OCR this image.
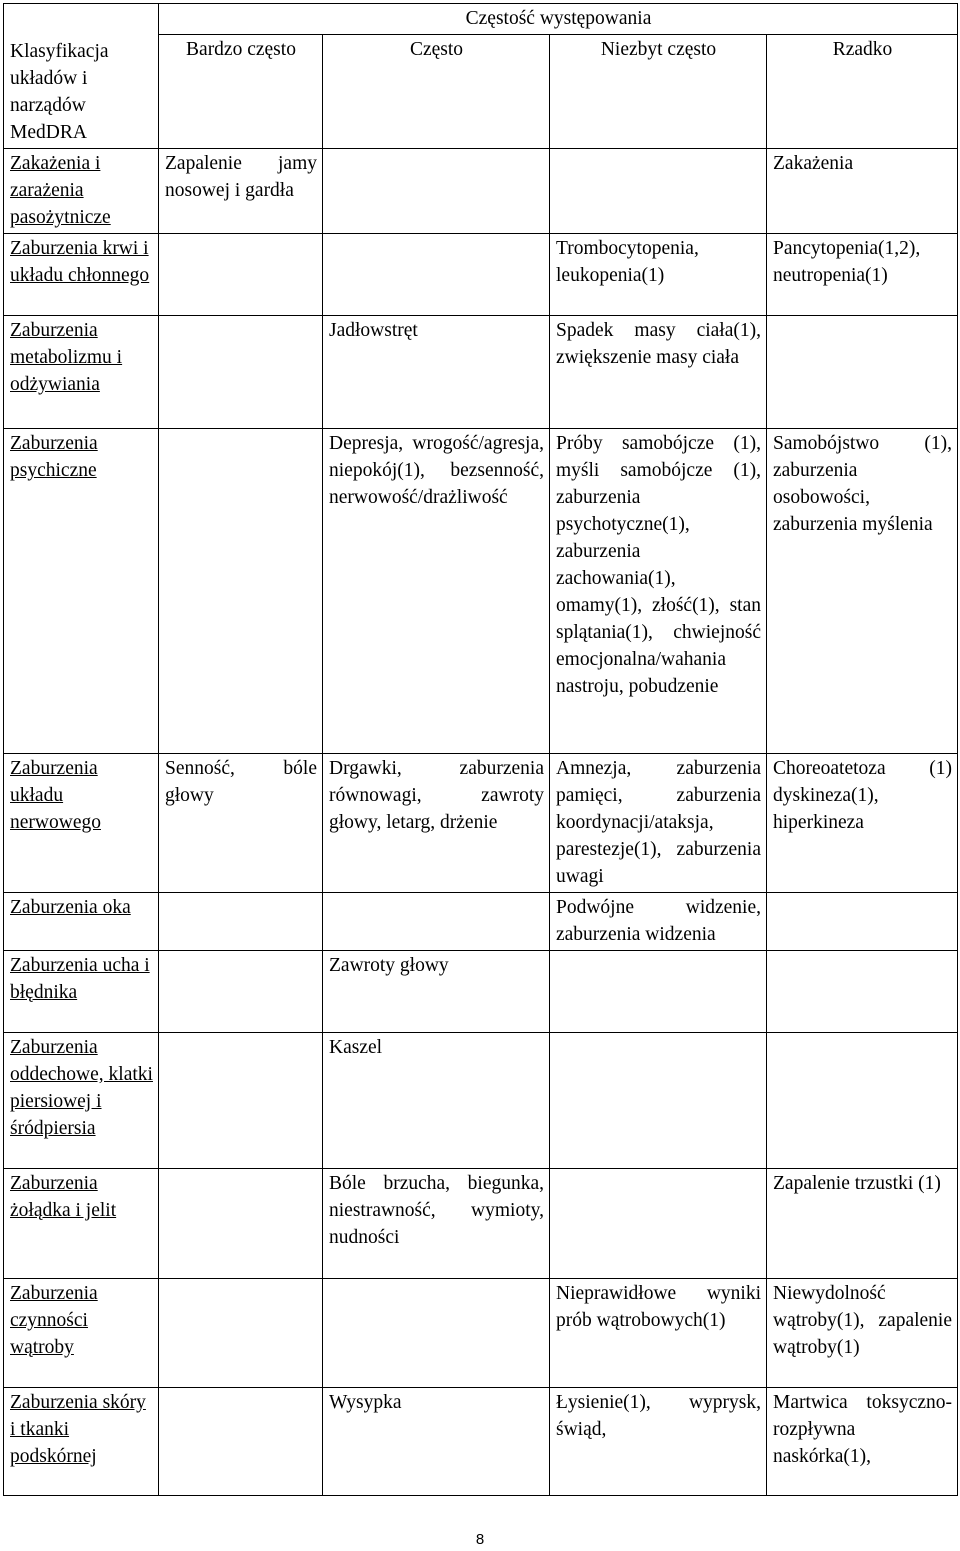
Klasyfikacja układów i narządów MedDRA	Częstość występowania			
	Bardzo często	Często	Niezbyt często	Rzadko
Zakażenia i zarażenia pasożytnicze	Zapalenie jamy nosowej i gardła			Zakażenia
Zaburzenia krwi i układu chłonnego			Trombocytopenia, leukopenia(1)	Pancytopenia(1,2), neutropenia(1)
Zaburzenia metabolizmu i odżywiania		Jadłowstręt	Spadek masy ciała(1), zwiększenie masy ciała	
Zaburzenia psychiczne		Depresja, wrogość/agresja, niepokój(1), bezsenność, nerwowość/drażliwość	Próby samobójcze (1), myśli samobójcze (1), zaburzenia psychotyczne(1), zaburzenia zachowania(1), omamy(1), złość(1), stan splątania(1), chwiejność emocjonalna/wahania nastroju, pobudzenie	Samobójstwo (1), zaburzenia osobowości, zaburzenia myślenia
Zaburzenia układu nerwowego	Senność, bóle głowy	Drgawki, zaburzenia równowagi, zawroty głowy, letarg, drżenie	Amnezja, zaburzenia pamięci, zaburzenia koordynacji/ataksja, parestezje(1), zaburzenia uwagi	Choreoatetoza (1) dyskineza(1), hiperkineza
Zaburzenia oka			Podwójne widzenie, zaburzenia widzenia	
Zaburzenia ucha i błędnika		Zawroty głowy		
Zaburzenia oddechowe, klatki piersiowej i śródpiersia		Kaszel		
Zaburzenia żołądka i jelit		Bóle brzucha, biegunka, niestrawność, wymioty, nudności		Zapalenie trzustki (1)
Zaburzenia czynności wątroby			Nieprawidłowe wyniki prób wątrobowych(1)	Niewydolność wątroby(1), zapalenie wątroby(1)
Zaburzenia skóry i tkanki podskórnej		Wysypka	Łysienie(1), wyprysk, świąd,	Martwica toksyczno-rozpływna naskórka(1),
8
